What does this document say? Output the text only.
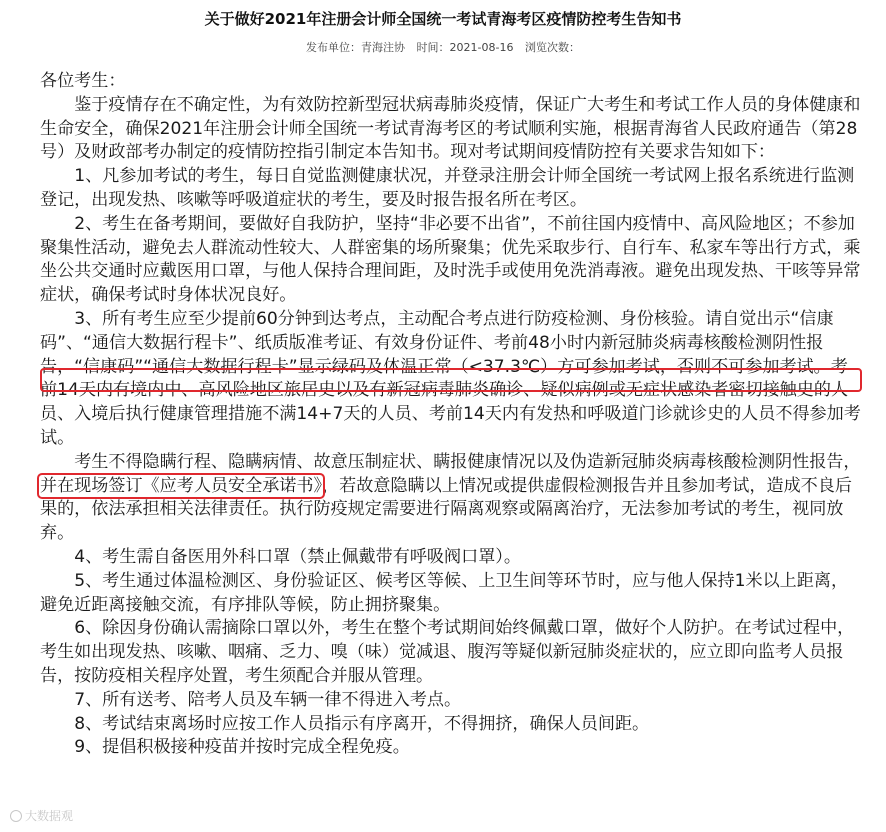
关于做好2021年注册会计师全国统一考试青海考区疫情防控考生告知书
发布单位：青海注协 时间：2021-08-16 浏览次数：

各位考生：

鉴于疫情存在不确定性，为有效防控新型冠状病毒肺炎疫情，保证广大考生和考试工作人员的身体健康和生命安全，确保2021年注册会计师全国统一考试青海考区的考试顺利实施，根据青海省人民政府通告（第28号）及财政部考办制定的疫情防控指引制定本告知书。现对考试期间疫情防控有关要求告知如下：

1、凡参加考试的考生，每日自觉监测健康状况，并登录注册会计师全国统一考试网上报名系统进行监测登记，出现发热、咳嗽等呼吸道症状的考生，要及时报告报名所在考区。

2、考生在备考期间，要做好自我防护，坚持“非必要不出省”，不前往国内疫情中、高风险地区；不参加聚集性活动，避免去人群流动性较大、人群密集的场所聚集；优先采取步行、自行车、私家车等出行方式，乘坐公共交通时应戴医用口罩，与他人保持合理间距，及时洗手或使用免洗消毒液。避免出现发热、干咳等异常症状，确保考试时身体状况良好。

3、所有考生应至少提前60分钟到达考点，主动配合考点进行防疫检测、身份核验。请自觉出示“信康码”、“通信大数据行程卡”、纸质版准考证、有效身份证件、考前48小时内新冠肺炎病毒核酸检测阴性报告，“信康码”“通信大数据行程卡”显示绿码及体温正常（<37.3℃）方可参加考试，否则不可参加考试。考前14天内有境内中、高风险地区旅居史以及有新冠病毒肺炎确诊、疑似病例或无症状感染者密切接触史的人员、入境后执行健康管理措施不满14+7天的人员、考前14天内有发热和呼吸道门诊就诊史的人员不得参加考试。

考生不得隐瞒行程、隐瞒病情、故意压制症状、瞒报健康情况以及伪造新冠肺炎病毒核酸检测阴性报告，并在现场签订《应考人员安全承诺书》，若故意隐瞒以上情况或提供虚假检测报告并且参加考试，造成不良后果的，依法承担相关法律责任。执行防疫规定需要进行隔离观察或隔离治疗，无法参加考试的考生，视同放弃。

4、考生需自备医用外科口罩（禁止佩戴带有呼吸阀口罩）。

5、考生通过体温检测区、身份验证区、候考区等候、上卫生间等环节时，应与他人保持1米以上距离，避免近距离接触交流，有序排队等候，防止拥挤聚集。

6、除因身份确认需摘除口罩以外，考生在整个考试期间始终佩戴口罩，做好个人防护。在考试过程中，考生如出现发热、咳嗽、咽痛、乏力、嗅（味）觉减退、腹泻等疑似新冠肺炎症状的，应立即向监考人员报告，按防疫相关程序处置，考生须配合并服从管理。

7、所有送考、陪考人员及车辆一律不得进入考点。

8、考试结束离场时应按工作人员指示有序离开，不得拥挤，确保人员间距。

9、提倡积极接种疫苗并按时完成全程免疫。

大数据观
